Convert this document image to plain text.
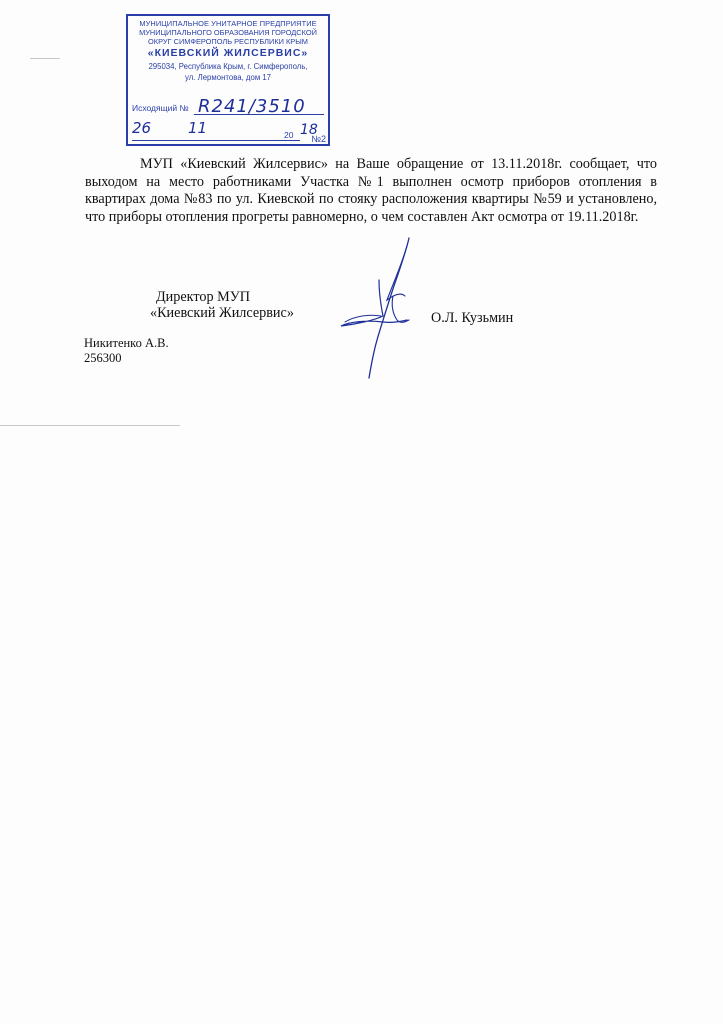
МУНИЦИПАЛЬНОЕ УНИТАРНОЕ ПРЕДПРИЯТИЕ
МУНИЦИПАЛЬНОГО ОБРАЗОВАНИЯ ГОРОДСКОЙ
ОКРУГ СИМФЕРОПОЛЬ РЕСПУБЛИКИ КРЫМ
«КИЕВСКИЙ ЖИЛСЕРВИС»
295034, Республика Крым, г. Симферополь,
ул. Лермонтова, дом 17
Исходящий № R241/3510
26 11	20 18
№2

МУП «Киевский Жилсервис» на Ваше обращение от 13.11.2018г. сообщает, что выходом на место работниками Участка №1 выполнен осмотр приборов отопления в квартирах дома №83 по ул. Киевской по стояку расположения квартиры №59 и установлено, что приборы отопления прогреты равномерно, о чем составлен Акт осмотра от 19.11.2018г.

Директор МУП
«Киевский Жилсервис»	О.Л. Кузьмин
Никитенко А.В.
256300
